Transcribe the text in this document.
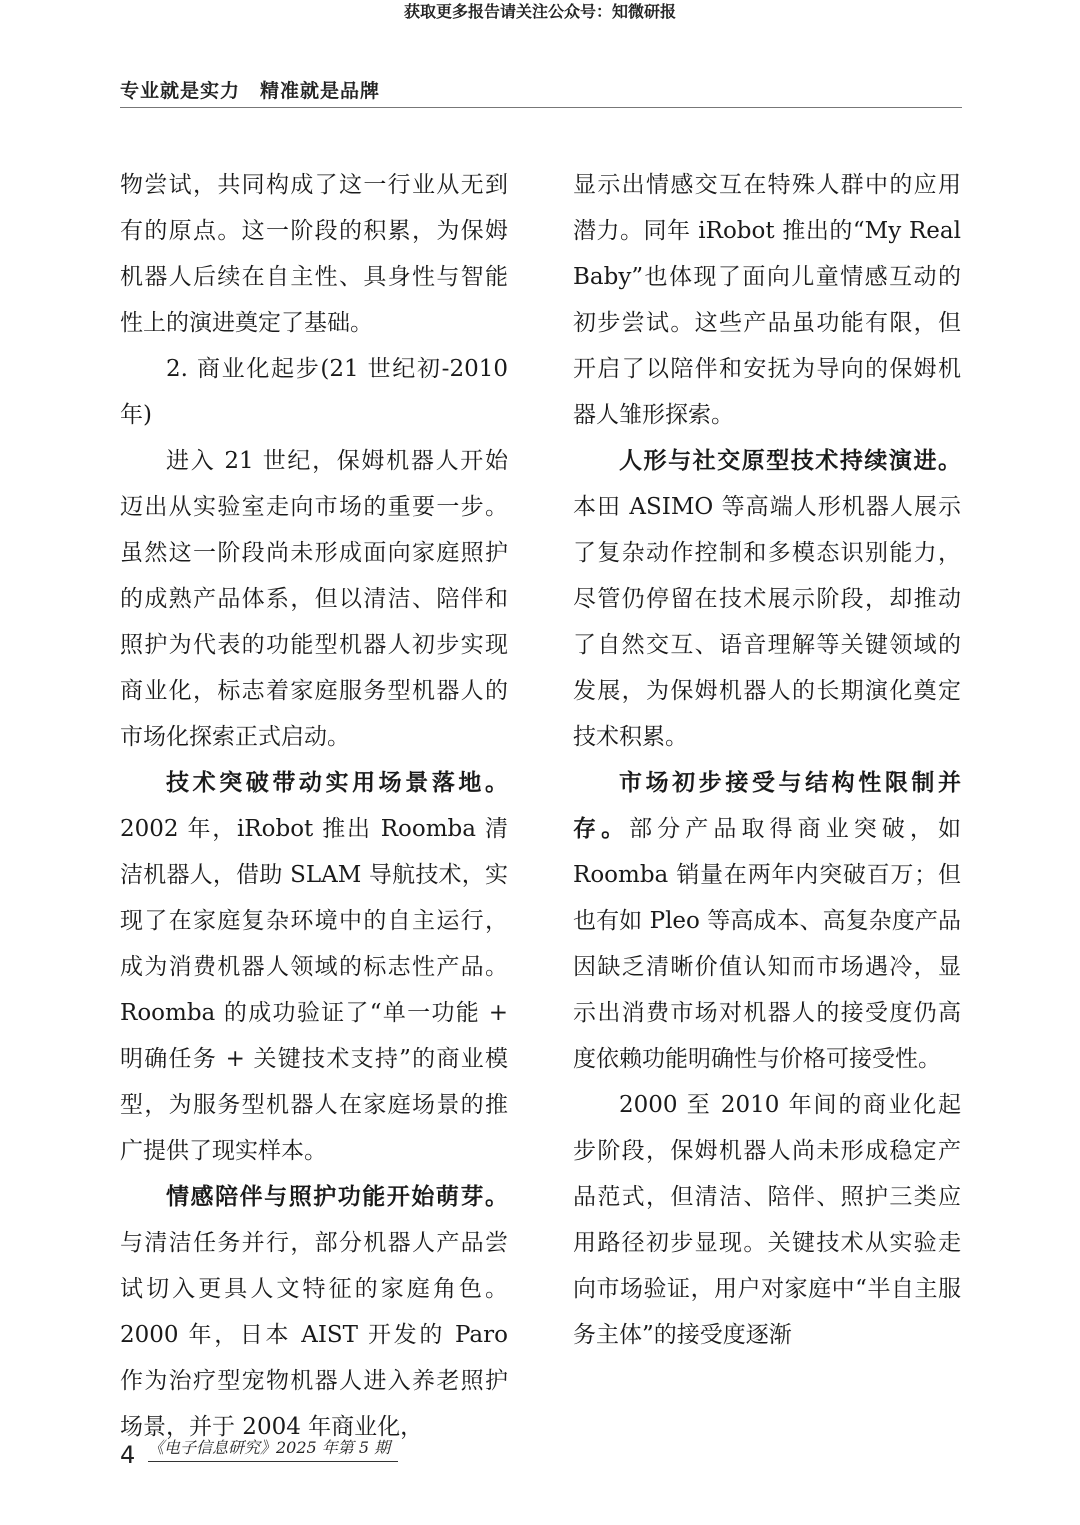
获取更多报告请关注公众号：知微研报
专业就是实力　精准就是品牌

物尝试，共同构成了这一行业从无到有的原点。这一阶段的积累，为保姆机器人后续在自主性、具身性与智能性上的演进奠定了基础。

2. 商业化起步(21 世纪初-2010 年)

进入 21 世纪，保姆机器人开始迈出从实验室走向市场的重要一步。虽然这一阶段尚未形成面向家庭照护的成熟产品体系，但以清洁、陪伴和照护为代表的功能型机器人初步实现商业化，标志着家庭服务型机器人的市场化探索正式启动。

技术突破带动实用场景落地。2002 年，iRobot 推出 Roomba 清洁机器人，借助 SLAM 导航技术，实现了在家庭复杂环境中的自主运行，成为消费机器人领域的标志性产品。Roomba 的成功验证了“单一功能 + 明确任务 + 关键技术支持”的商业模型，为服务型机器人在家庭场景的推广提供了现实样本。

情感陪伴与照护功能开始萌芽。与清洁任务并行，部分机器人产品尝试切入更具人文特征的家庭角色。2000 年，日本 AIST 开发的 Paro 作为治疗型宠物机器人进入养老照护场景，并于 2004 年商业化，

显示出情感交互在特殊人群中的应用潜力。同年 iRobot 推出的“My Real Baby”也体现了面向儿童情感互动的初步尝试。这些产品虽功能有限，但开启了以陪伴和安抚为导向的保姆机器人雏形探索。

人形与社交原型技术持续演进。本田 ASIMO 等高端人形机器人展示了复杂动作控制和多模态识别能力，尽管仍停留在技术展示阶段，却推动了自然交互、语音理解等关键领域的发展，为保姆机器人的长期演化奠定技术积累。

市场初步接受与结构性限制并存。部分产品取得商业突破，如 Roomba 销量在两年内突破百万；但也有如 Pleo 等高成本、高复杂度产品因缺乏清晰价值认知而市场遇冷，显示出消费市场对机器人的接受度仍高度依赖功能明确性与价格可接受性。

2000 至 2010 年间的商业化起步阶段，保姆机器人尚未形成稳定产品范式，但清洁、陪伴、照护三类应用路径初步显现。关键技术从实验走向市场验证，用户对家庭中“半自主服务主体”的接受度逐渐

4 《电子信息研究》2025 年第 5 期
